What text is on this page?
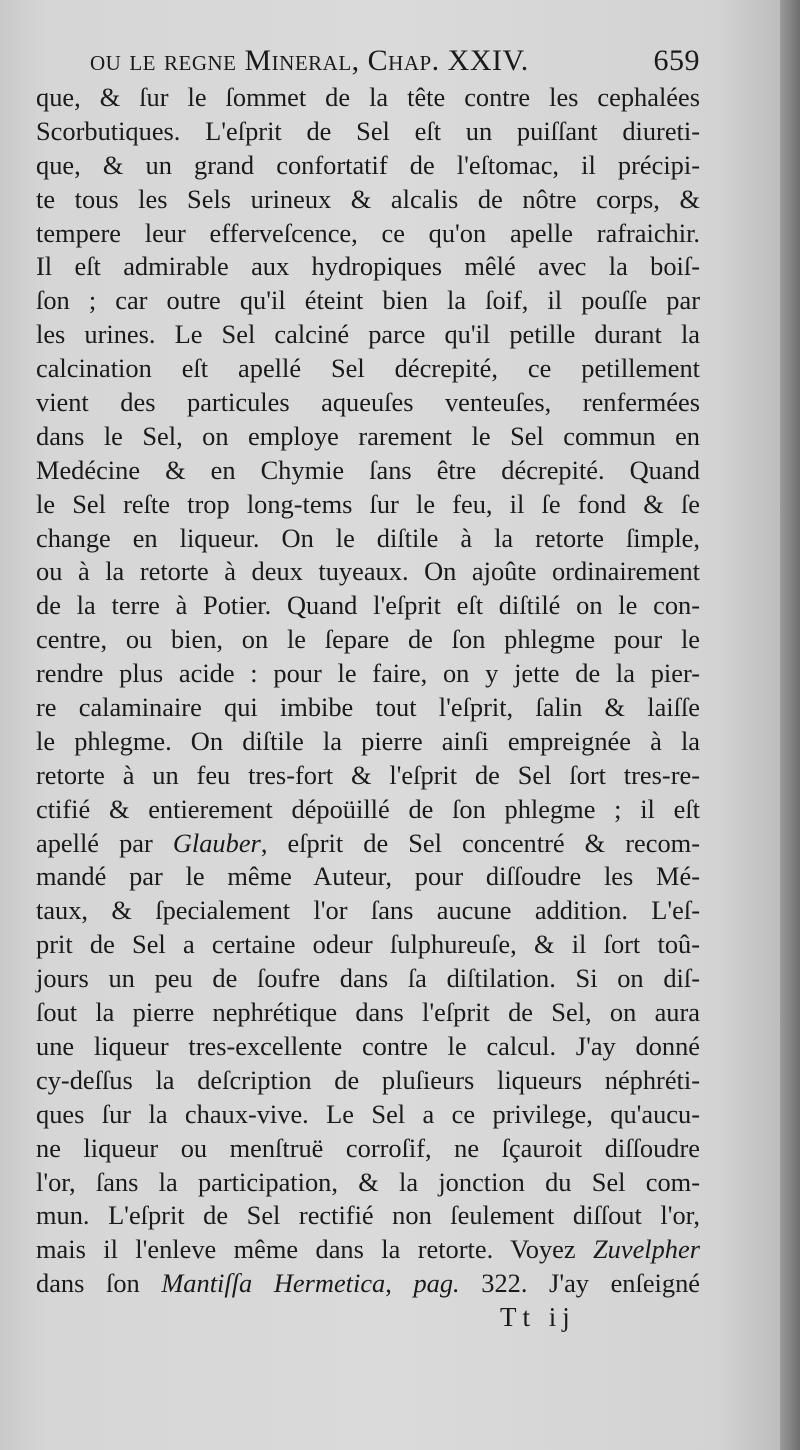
ou le regne Mineral, Chap. XXIV.	659
que, & ſur le ſommet de la tête contre les cephalées
Scorbutiques. L'eſprit de Sel eſt un puiſſant diureti-
que, & un grand confortatif de l'eſtomac, il précipi-
te tous les Sels urineux & alcalis de nôtre corps, &
tempere leur efferveſcence, ce qu'on apelle rafraichir.
Il eſt admirable aux hydropiques mêlé avec la boiſ-
ſon ; car outre qu'il éteint bien la ſoif, il pouſſe par
les urines. Le Sel calciné parce qu'il petille durant la
calcination eſt apellé Sel décrepité, ce petillement
vient des particules aqueuſes venteuſes, renfermées
dans le Sel, on employe rarement le Sel commun en
Medécine & en Chymie ſans être décrepité. Quand
le Sel reſte trop long-tems ſur le feu, il ſe fond & ſe
change en liqueur. On le diſtile à la retorte ſimple,
ou à la retorte à deux tuyeaux. On ajoûte ordinairement
de la terre à Potier. Quand l'eſprit eſt diſtilé on le con-
centre, ou bien, on le ſepare de ſon phlegme pour le
rendre plus acide : pour le faire, on y jette de la pier-
re calaminaire qui imbibe tout l'eſprit, ſalin & laiſſe
le phlegme. On diſtile la pierre ainſi empreignée à la
retorte à un feu tres-fort & l'eſprit de Sel ſort tres-re-
ctifié & entierement dépoüillé de ſon phlegme ; il eſt
apellé par Glauber, eſprit de Sel concentré & recom-
mandé par le même Auteur, pour diſſoudre les Mé-
taux, & ſpecialement l'or ſans aucune addition. L'eſ-
prit de Sel a certaine odeur ſulphureuſe, & il ſort toû-
jours un peu de ſoufre dans ſa diſtilation. Si on diſ-
ſout la pierre nephrétique dans l'eſprit de Sel, on aura
une liqueur tres-excellente contre le calcul. J'ay donné
cy-deſſus la deſcription de pluſieurs liqueurs néphréti-
ques ſur la chaux-vive. Le Sel a ce privilege, qu'aucu-
ne liqueur ou menſtruë corroſif, ne ſçauroit diſſoudre
l'or, ſans la participation, & la jonction du Sel com-
mun. L'eſprit de Sel rectifié non ſeulement diſſout l'or,
mais il l'enleve même dans la retorte. Voyez Zuvelpher
dans ſon Mantiſſa Hermetica, pag. 322. J'ay enſeigné
Tt ij
